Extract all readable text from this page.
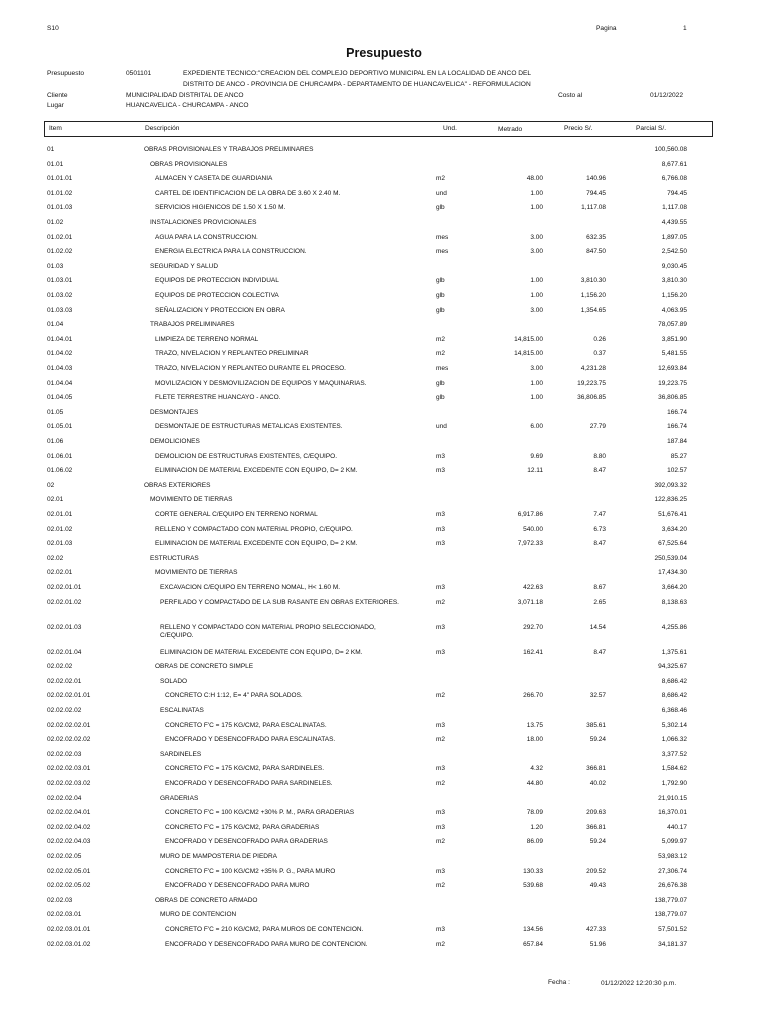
S10	Pagina	1
Presupuesto
Presupuesto	0501101	EXPEDIENTE TECNICO:"CREACION DEL COMPLEJO DEPORTIVO MUNICIPAL EN LA LOCALIDAD DE ANCO DEL
DISTRITO DE ANCO - PROVINCIA DE CHURCAMPA - DEPARTAMENTO DE HUANCAVELICA" - REFORMULACION
Cliente	MUNICIPALIDAD DISTRITAL DE ANCO	Costo al	01/12/2022
Lugar	HUANCAVELICA - CHURCAMPA - ANCO
Item	Descripción	Und.	Metrado	Precio S/.	Parcial S/.
01	OBRAS PROVISIONALES Y TRABAJOS PRELIMINARES	100,560.08
01.01	OBRAS PROVISIONALES	8,677.61
01.01.01	ALMACEN Y CASETA DE GUARDIANIA	m2	48.00	140.96	6,766.08
01.01.02	CARTEL DE IDENTIFICACION DE LA OBRA DE 3.60 X 2.40 M.	und	1.00	794.45	794.45
01.01.03	SERVICIOS HIGIENICOS DE 1.50 X 1.50 M.	glb	1.00	1,117.08	1,117.08
01.02	INSTALACIONES PROVICIONALES	4,439.55
01.02.01	AGUA PARA LA CONSTRUCCION.	mes	3.00	632.35	1,897.05
01.02.02	ENERGIA ELECTRICA PARA LA CONSTRUCCION.	mes	3.00	847.50	2,542.50
01.03	SEGURIDAD Y SALUD	9,030.45
01.03.01	EQUIPOS DE PROTECCION INDIVIDUAL	glb	1.00	3,810.30	3,810.30
01.03.02	EQUIPOS DE PROTECCION COLECTIVA	glb	1.00	1,156.20	1,156.20
01.03.03	SEÑALIZACION Y PROTECCION EN OBRA	glb	3.00	1,354.65	4,063.95
01.04	TRABAJOS PRELIMINARES	78,057.89
01.04.01	LIMPIEZA DE TERRENO NORMAL	m2	14,815.00	0.26	3,851.90
01.04.02	TRAZO, NIVELACION Y REPLANTEO PRELIMINAR	m2	14,815.00	0.37	5,481.55
01.04.03	TRAZO, NIVELACION Y REPLANTEO DURANTE EL PROCESO.	mes	3.00	4,231.28	12,693.84
01.04.04	MOVILIZACION Y DESMOVILIZACION DE EQUIPOS Y MAQUINARIAS.	glb	1.00	19,223.75	19,223.75
01.04.05	FLETE TERRESTRE HUANCAYO - ANCO.	glb	1.00	36,806.85	36,806.85
01.05	DESMONTAJES	166.74
01.05.01	DESMONTAJE DE ESTRUCTURAS METALICAS EXISTENTES.	und	6.00	27.79	166.74
01.06	DEMOLICIONES	187.84
01.06.01	DEMOLICION DE ESTRUCTURAS EXISTENTES, C/EQUIPO.	m3	9.69	8.80	85.27
01.06.02	ELIMINACION DE MATERIAL EXCEDENTE CON EQUIPO, D= 2 KM.	m3	12.11	8.47	102.57
02	OBRAS EXTERIORES	392,093.32
02.01	MOVIMIENTO DE TIERRAS	122,836.25
02.01.01	CORTE GENERAL C/EQUIPO EN TERRENO NORMAL	m3	6,917.86	7.47	51,676.41
02.01.02	RELLENO Y COMPACTADO CON MATERIAL PROPIO, C/EQUIPO.	m3	540.00	6.73	3,634.20
02.01.03	ELIMINACION DE MATERIAL EXCEDENTE CON EQUIPO, D= 2 KM.	m3	7,972.33	8.47	67,525.64
02.02	ESTRUCTURAS	250,539.04
02.02.01	MOVIMIENTO DE TIERRAS	17,434.30
02.02.01.01	EXCAVACION C/EQUIPO EN TERRENO NOMAL, H< 1.60 M.	m3	422.63	8.67	3,664.20
02.02.01.02	PERFILADO Y COMPACTADO DE LA SUB RASANTE EN OBRAS EXTERIORES.	m2	3,071.18	2.65	8,138.63
02.02.01.03	RELLENO Y COMPACTADO CON MATERIAL PROPIO SELECCIONADO, C/EQUIPO.
m3	292.70	14.54	4,255.86
02.02.01.04	ELIMINACION DE MATERIAL EXCEDENTE CON EQUIPO, D= 2 KM.	m3	162.41	8.47	1,375.61
02.02.02	OBRAS DE CONCRETO SIMPLE	94,325.67
02.02.02.01	SOLADO	8,686.42
02.02.02.01.01	CONCRETO C:H 1:12, E= 4" PARA SOLADOS.	m2	266.70	32.57	8,686.42
02.02.02.02	ESCALINATAS	6,368.46
02.02.02.02.01	CONCRETO F'C = 175 KG/CM2, PARA ESCALINATAS.	m3	13.75	385.61	5,302.14
02.02.02.02.02	ENCOFRADO Y DESENCOFRADO PARA ESCALINATAS.	m2	18.00	59.24	1,066.32
02.02.02.03	SARDINELES	3,377.52
02.02.02.03.01	CONCRETO F'C = 175 KG/CM2, PARA SARDINELES.	m3	4.32	366.81	1,584.62
02.02.02.03.02	ENCOFRADO Y DESENCOFRADO PARA SARDINELES.	m2	44.80	40.02	1,792.90
02.02.02.04	GRADERIAS	21,910.15
02.02.02.04.01	CONCRETO F'C = 100 KG/CM2 +30% P. M., PARA GRADERIAS	m3	78.09	209.63	16,370.01
02.02.02.04.02	CONCRETO F'C = 175 KG/CM2, PARA GRADERIAS	m3	1.20	366.81	440.17
02.02.02.04.03	ENCOFRADO Y DESENCOFRADO PARA GRADERIAS	m2	86.09	59.24	5,099.97
02.02.02.05	MURO DE MAMPOSTERIA DE PIEDRA	53,983.12
02.02.02.05.01	CONCRETO F'C = 100 KG/CM2 +35% P. G., PARA MURO	m3	130.33	209.52	27,306.74
02.02.02.05.02	ENCOFRADO Y DESENCOFRADO PARA MURO	m2	539.68	49.43	26,676.38
02.02.03	OBRAS DE CONCRETO ARMADO	138,779.07
02.02.03.01	MURO DE CONTENCION	138,779.07
02.02.03.01.01	CONCRETO F'C = 210 KG/CM2, PARA MUROS DE CONTENCION.	m3	134.56	427.33	57,501.52
02.02.03.01.02	ENCOFRADO Y DESENCOFRADO PARA MURO DE CONTENCION.	m2	657.84	51.96	34,181.37
Fecha :	01/12/2022 12:20:30 p.m.
